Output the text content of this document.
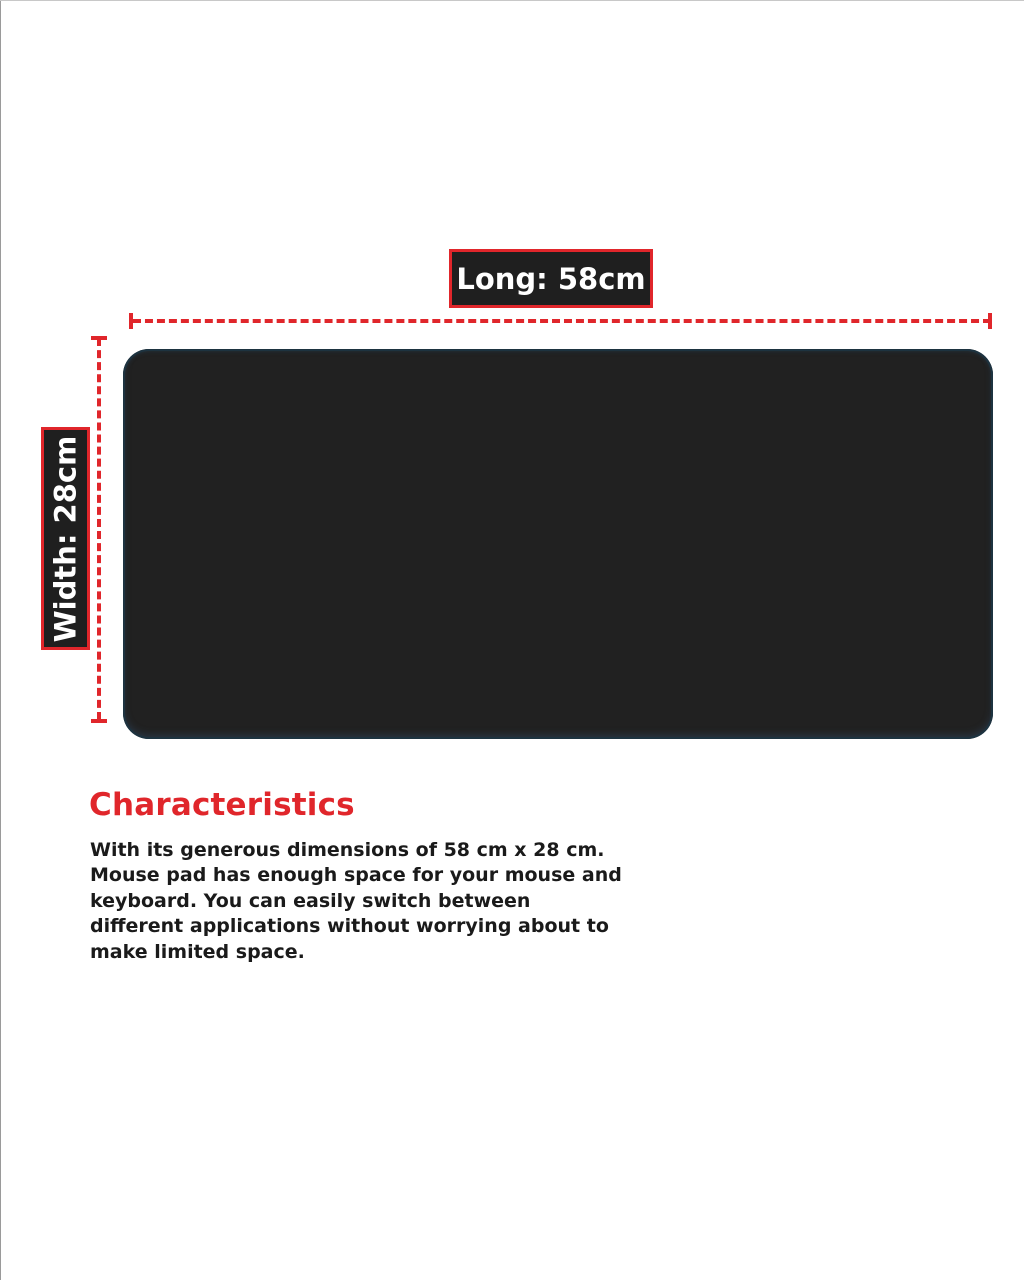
Long: 58cm
Width: 28cm
Characteristics

With its generous dimensions of 58 cm x 28 cm. Mouse pad has enough space for your mouse and keyboard. You can easily switch between different applications without worrying about to make limited space.
